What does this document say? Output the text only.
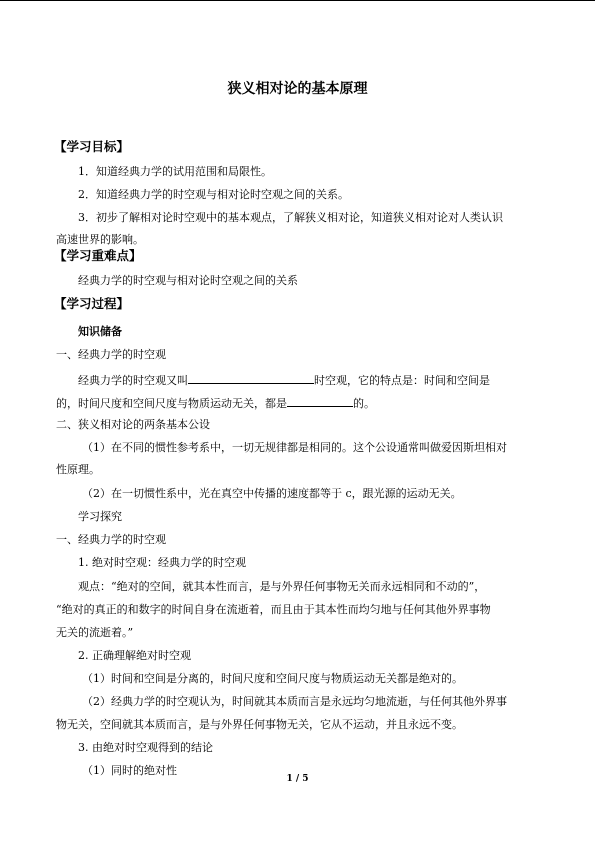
狭义相对论的基本原理
【学习目标】
1．知道经典力学的试用范围和局限性。
2．知道经典力学的时空观与相对论时空观之间的关系。
3．初步了解相对论时空观中的基本观点，了解狭义相对论，知道狭义相对论对人类认识
高速世界的影响。
【学习重难点】
经典力学的时空观与相对论时空观之间的关系
【学习过程】
知识储备
一、经典力学的时空观
经典力学的时空观又叫	时空观，它的特点是：时间和空间是
的，时间尺度和空间尺度与物质运动无关，都是	的。
二、狭义相对论的两条基本公设
（1）在不同的惯性参考系中，一切无规律都是相同的。这个公设通常叫做爱因斯坦相对
性原理。
（2）在一切惯性系中，光在真空中传播的速度都等于 c，跟光源的运动无关。
学习探究
一、经典力学的时空观
1. 绝对时空观：经典力学的时空观
观点：“绝对的空间，就其本性而言，是与外界任何事物无关而永远相同和不动的”，
“绝对的真正的和数字的时间自身在流逝着，而且由于其本性而均匀地与任何其他外界事物
无关的流逝着。”
2. 正确理解绝对时空观
（1）时间和空间是分离的，时间尺度和空间尺度与物质运动无关都是绝对的。
（2）经典力学的时空观认为，时间就其本质而言是永远均匀地流逝，与任何其他外界事
物无关，空间就其本质而言，是与外界任何事物无关，它从不运动，并且永远不变。
3. 由绝对时空观得到的结论
（1）同时的绝对性
1 / 5
